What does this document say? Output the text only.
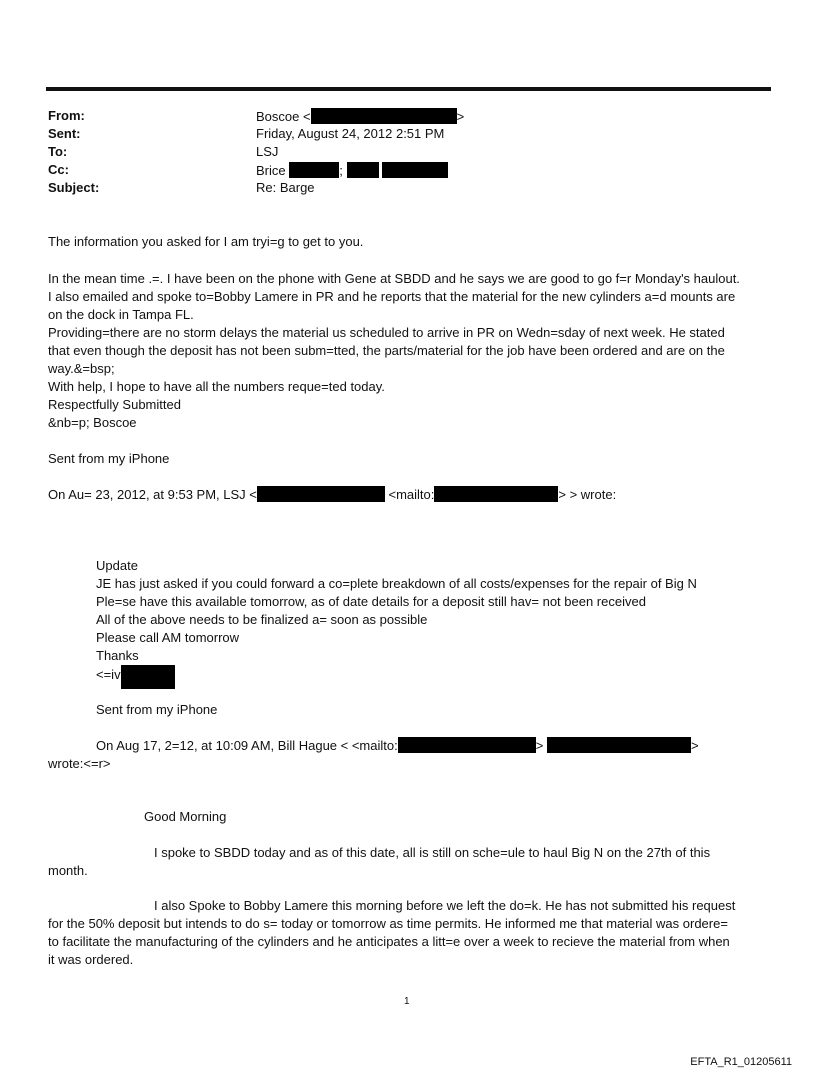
From:	Boscoe <	>
Sent:	Friday, August 24, 2012 2:51 PM
To:	LSJ
Cc:	Brice	;
Subject:	Re: Barge
The information you asked for I am tryi=g to get to you.
In the mean time .=. I have been on the phone with Gene at SBDD and he says we are good to go f=r Monday's haulout.
I also emailed and spoke to=Bobby Lamere in PR and he reports that the material for the new cylinders a=d mounts are
on the dock in Tampa FL.
Providing=there are no storm delays the material us scheduled to arrive in PR on Wedn=sday of next week. He stated
that even though the deposit has not been subm=tted, the parts/material for the job have been ordered and are on the
way.&=bsp;
With help, I hope to have all the numbers reque=ted today.
Respectfully Submitted
&nb=p; Boscoe
Sent from my iPhone
On Au= 23, 2012, at 9:53 PM, LSJ <	<mailto:	> > wrote:
Update
JE has just asked if you could forward a co=plete breakdown of all costs/expenses for the repair of Big N
Ple=se have this available tomorrow, as of date details for a deposit still hav= not been received
All of the above needs to be finalized a= soon as possible
Please call AM tomorrow
Thanks
<=iv
Sent from my iPhone
On Aug 17, 2=12, at 10:09 AM, Bill Hague < <mailto:	>	>
wrote:<=r>
Good Morning
I spoke to SBDD today and as of this date, all is still on sche=ule to haul Big N on the 27th of this
month.
I also Spoke to Bobby Lamere this morning before we left the do=k. He has not submitted his request
for the 50% deposit but intends to do s= today or tomorrow as time permits. He informed me that material was ordere=
to facilitate the manufacturing of the cylinders and he anticipates a litt=e over a week to recieve the material from when
it was ordered.
1
EFTA_R1_01205611
